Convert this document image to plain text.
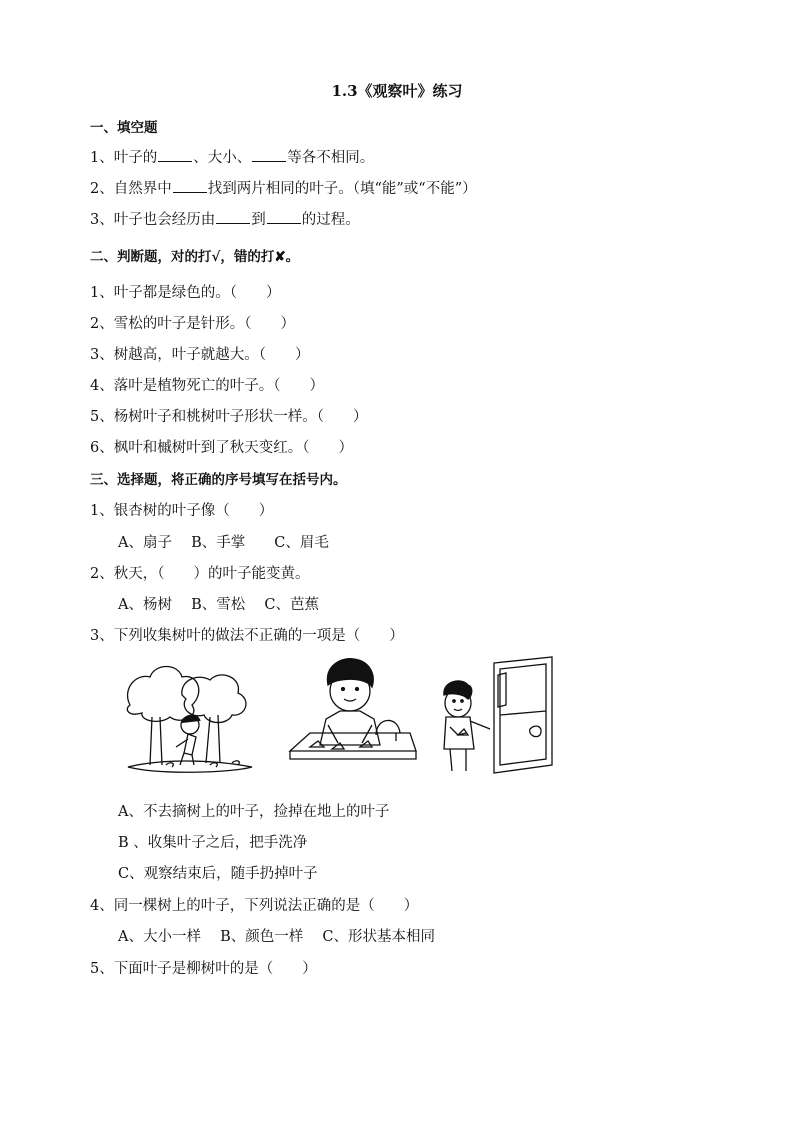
1.3《观察叶》练习
一、填空题
1、叶子的 、大小、 等各不相同。
2、自然界中 找到两片相同的叶子。（填“能”或“不能”）
3、叶子也会经历由 到 的过程。
二、判断题，对的打√，错的打✘。
1、叶子都是绿色的。（　　）
2、雪松的叶子是针形。（　　）
3、树越高，叶子就越大。（　　）
4、落叶是植物死亡的叶子。（　　）
5、杨树叶子和桃树叶子形状一样。（　　）
6、枫叶和槭树叶到了秋天变红。（　　）
三、选择题，将正确的序号填写在括号内。
1、银杏树的叶子像（　　）
A、扇子　 B、手掌　　C、眉毛
2、秋天，（　　）的叶子能变黄。
A、杨树　 B、雪松　 C、芭蕉
3、下列收集树叶的做法不正确的一项是（　　）
A、不去摘树上的叶子，捡掉在地上的叶子
B 、收集叶子之后，把手洗净
C、观察结束后，随手扔掉叶子
4、同一棵树上的叶子，下列说法正确的是（　　）
A、大小一样　 B、颜色一样　 C、形状基本相同
5、下面叶子是柳树叶的是（　　）
